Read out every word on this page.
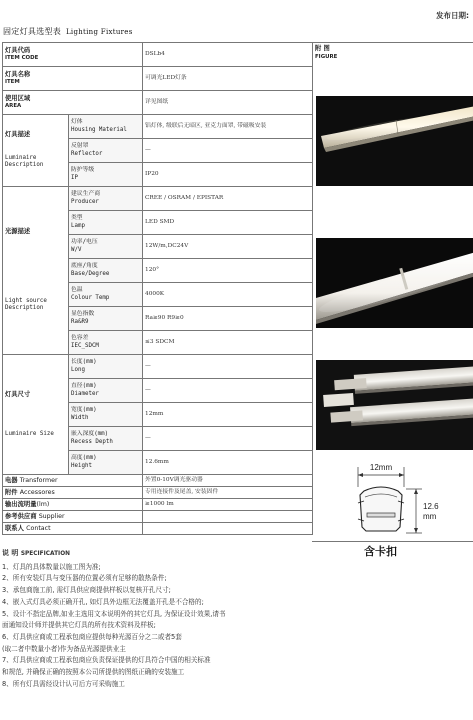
发布日期:
固定灯具选型表 Lighting Fixtures
灯具代码
ITEM CODE		DSLb4
灯具名称
ITEM		可调光LED灯条
使用区域
AREA		详见图纸

灯具描述
Luminaire
Description	灯体
Housing Material	铝灯体, 级联后无暗区, 亚克力面罩, 带磁吸安装

	反射罩
Reflector	—

	防护等级
IP	IP20

光源描述
Light source
Description	建议生产商
Producer	CREE / OSRAM / EPISTAR

	类型
Lamp	LED SMD

	功率/电压
W/V	12W/m,DC24V

	底座/角度
Base/Degree	120°

	色温
Colour Temp	4000K

	显色指数
Ra&R9	Ra≥90 R9≥0

	色容差
IEC_SDCM	≤3 SDCM

灯具尺寸
Luminaire Size	长度(mm)
Long	—

	直径(mm)
Diameter	—

	宽度(mm)
Width	12mm

	嵌入深度(mm)
Recess Depth	—

	高度(mm)
Height	12.6mm
电器 Transformer		外置0-10V调光驱动器
附件 Accessores		专用连接件及尾盖, 安装固件
输出流明量(lm)		≥1000 lm
参考供应商 Supplier		
联系人 Contact		
附 图
FIGURE
12mm
12.6
mm
含卡扣
说 明 SPECIFICATION
1、灯具的具体数量以施工图为准;
2、所有安装灯具与变压器的位置必须有足够的散热条件;
3、承包商施工前, 需灯具供应商提供样板以复核开孔尺寸;
4、嵌入式灯具必须正确开孔, 如灯具外边框无法覆盖开孔是不合格的;
5、设计不指定品牌,如业主选用文本说明外的其它灯具, 为保证设计效果,请书
面通知设计师并提供其它灯具的所有技术资料及样板;
6、灯具供应商或工程承包商应提供每种光源百分之二或者5套
(取二者中数量小者)作为备品光源提供业主
7、灯具供应商或工程承包商应负责保证提供的灯具符合中国的相关标准
和规范, 并确保正确的按照本公司所提供的图纸正确的安装施工
8、所有灯具需经设计认可后方可采购施工
